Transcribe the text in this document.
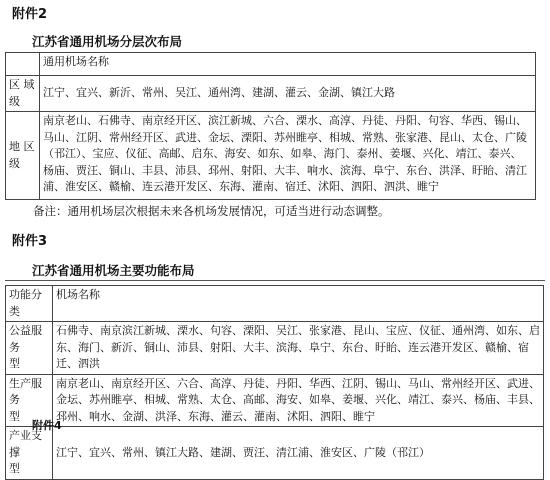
附件2
江苏省通用机场分层次布局
	通用机场名称
区 域
级	江宁、宜兴、新沂、常州、吴江、通州湾、建湖、灌云、金湖、镇江大路
地 区
级	南京老山、石佛寺、南京经开区、滨江新城、六合、溧水、高淳、丹徒、丹阳、句容、华西、锡山、马山、江阴、常州经开区、武进、金坛、溧阳、苏州睢亭、相城、常熟、张家港、昆山、太仓、广陵（邗江）、宝应、仪征、高邮、启东、海安、如东、如皋、海门、泰州、姜堰、兴化、靖江、泰兴、杨庙、贾汪、铜山、丰县、沛县、邳州、射阳、大丰、响水、滨海、阜宁、东台、洪泽、盱眙、清江浦、淮安区、赣榆、连云港开发区、东海、灌南、宿迁、沭阳、泗阳、泗洪、睢宁
备注：通用机场层次根据未来各机场发展情况，可适当进行动态调整。
附件3
江苏省通用机场主要功能布局
功能分类	机场名称
公益服务
型	石佛寺、南京滨江新城、溧水、句容、溧阳、吴江、张家港、昆山、宝应、仪征、通州湾、如东、启东、海门、新沂、铜山、沛县、射阳、大丰、滨海、阜宁、东台、盱眙、连云港开发区、赣榆、宿迁、泗洪
生产服务
型	南京老山、南京经开区、六合、高淳、丹徒、丹阳、华西、江阴、锡山、马山、常州经开区、武进、金坛、苏州睢亭、相城、常熟、太仓、高邮、海安、如皋、姜堰、兴化、靖江、泰兴、杨庙、丰县、邳州、响水、金湖、洪泽、东海、灌云、灌南、沭阳、泗阳、睢宁
产业支撑
型	江宁、宜兴、常州、镇江大路、建湖、贾汪、清江浦、淮安区、广陵（邗江）
附件4
